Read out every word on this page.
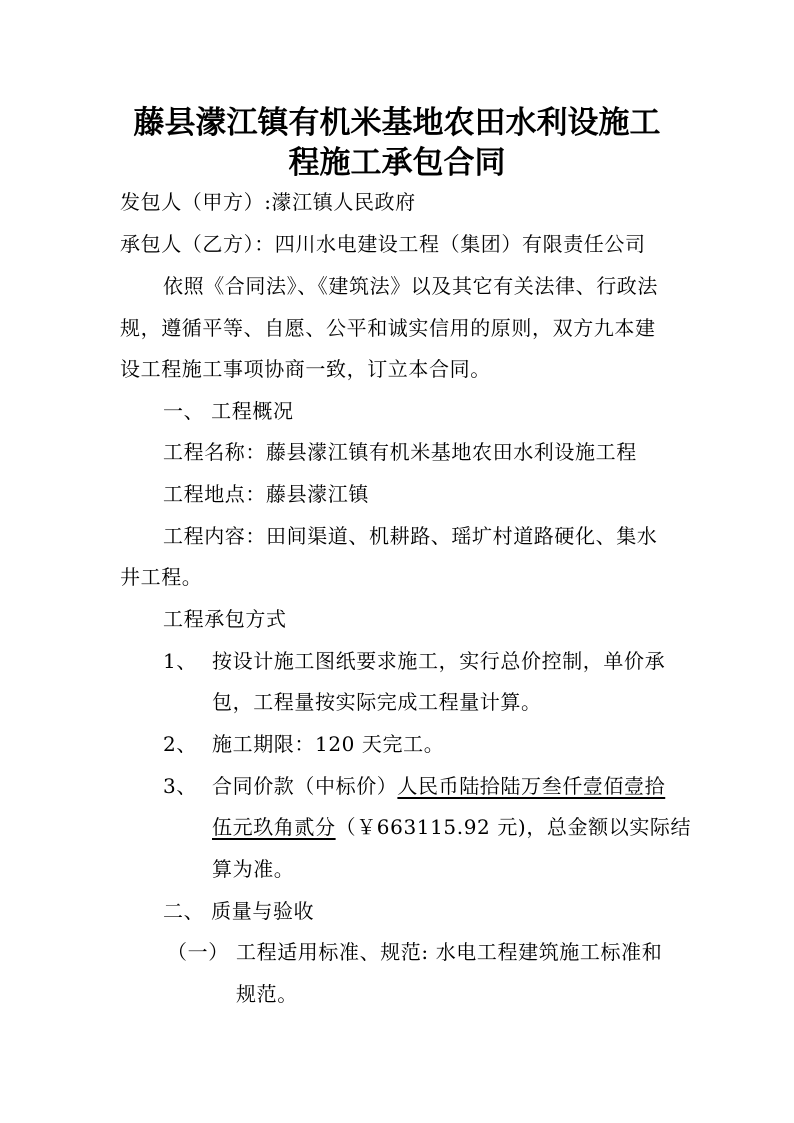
藤县濛江镇有机米基地农田水利设施工
程施工承包合同
发包人（甲方）:濛江镇人民政府
承包人（乙方）：四川水电建设工程（集团）有限责任公司
依照《合同法》、《建筑法》以及其它有关法律、行政法
规，遵循平等、自愿、公平和诚实信用的原则，双方九本建
设工程施工事项协商一致，订立本合同。
一、 工程概况
工程名称：藤县濛江镇有机米基地农田水利设施工程
工程地点：藤县濛江镇
工程内容：田间渠道、机耕路、瑶圹村道路硬化、集水
井工程。
工程承包方式
1、 按设计施工图纸要求施工，实行总价控制，单价承
包，工程量按实际完成工程量计算。
2、 施工期限：120 天完工。
3、 合同价款（中标价）人民币陆拾陆万叁仟壹佰壹拾
伍元玖角贰分（￥663115.92 元)，总金额以实际结
算为准。
二、 质量与验收
（一） 工程适用标准、规范: 水电工程建筑施工标准和
规范。
